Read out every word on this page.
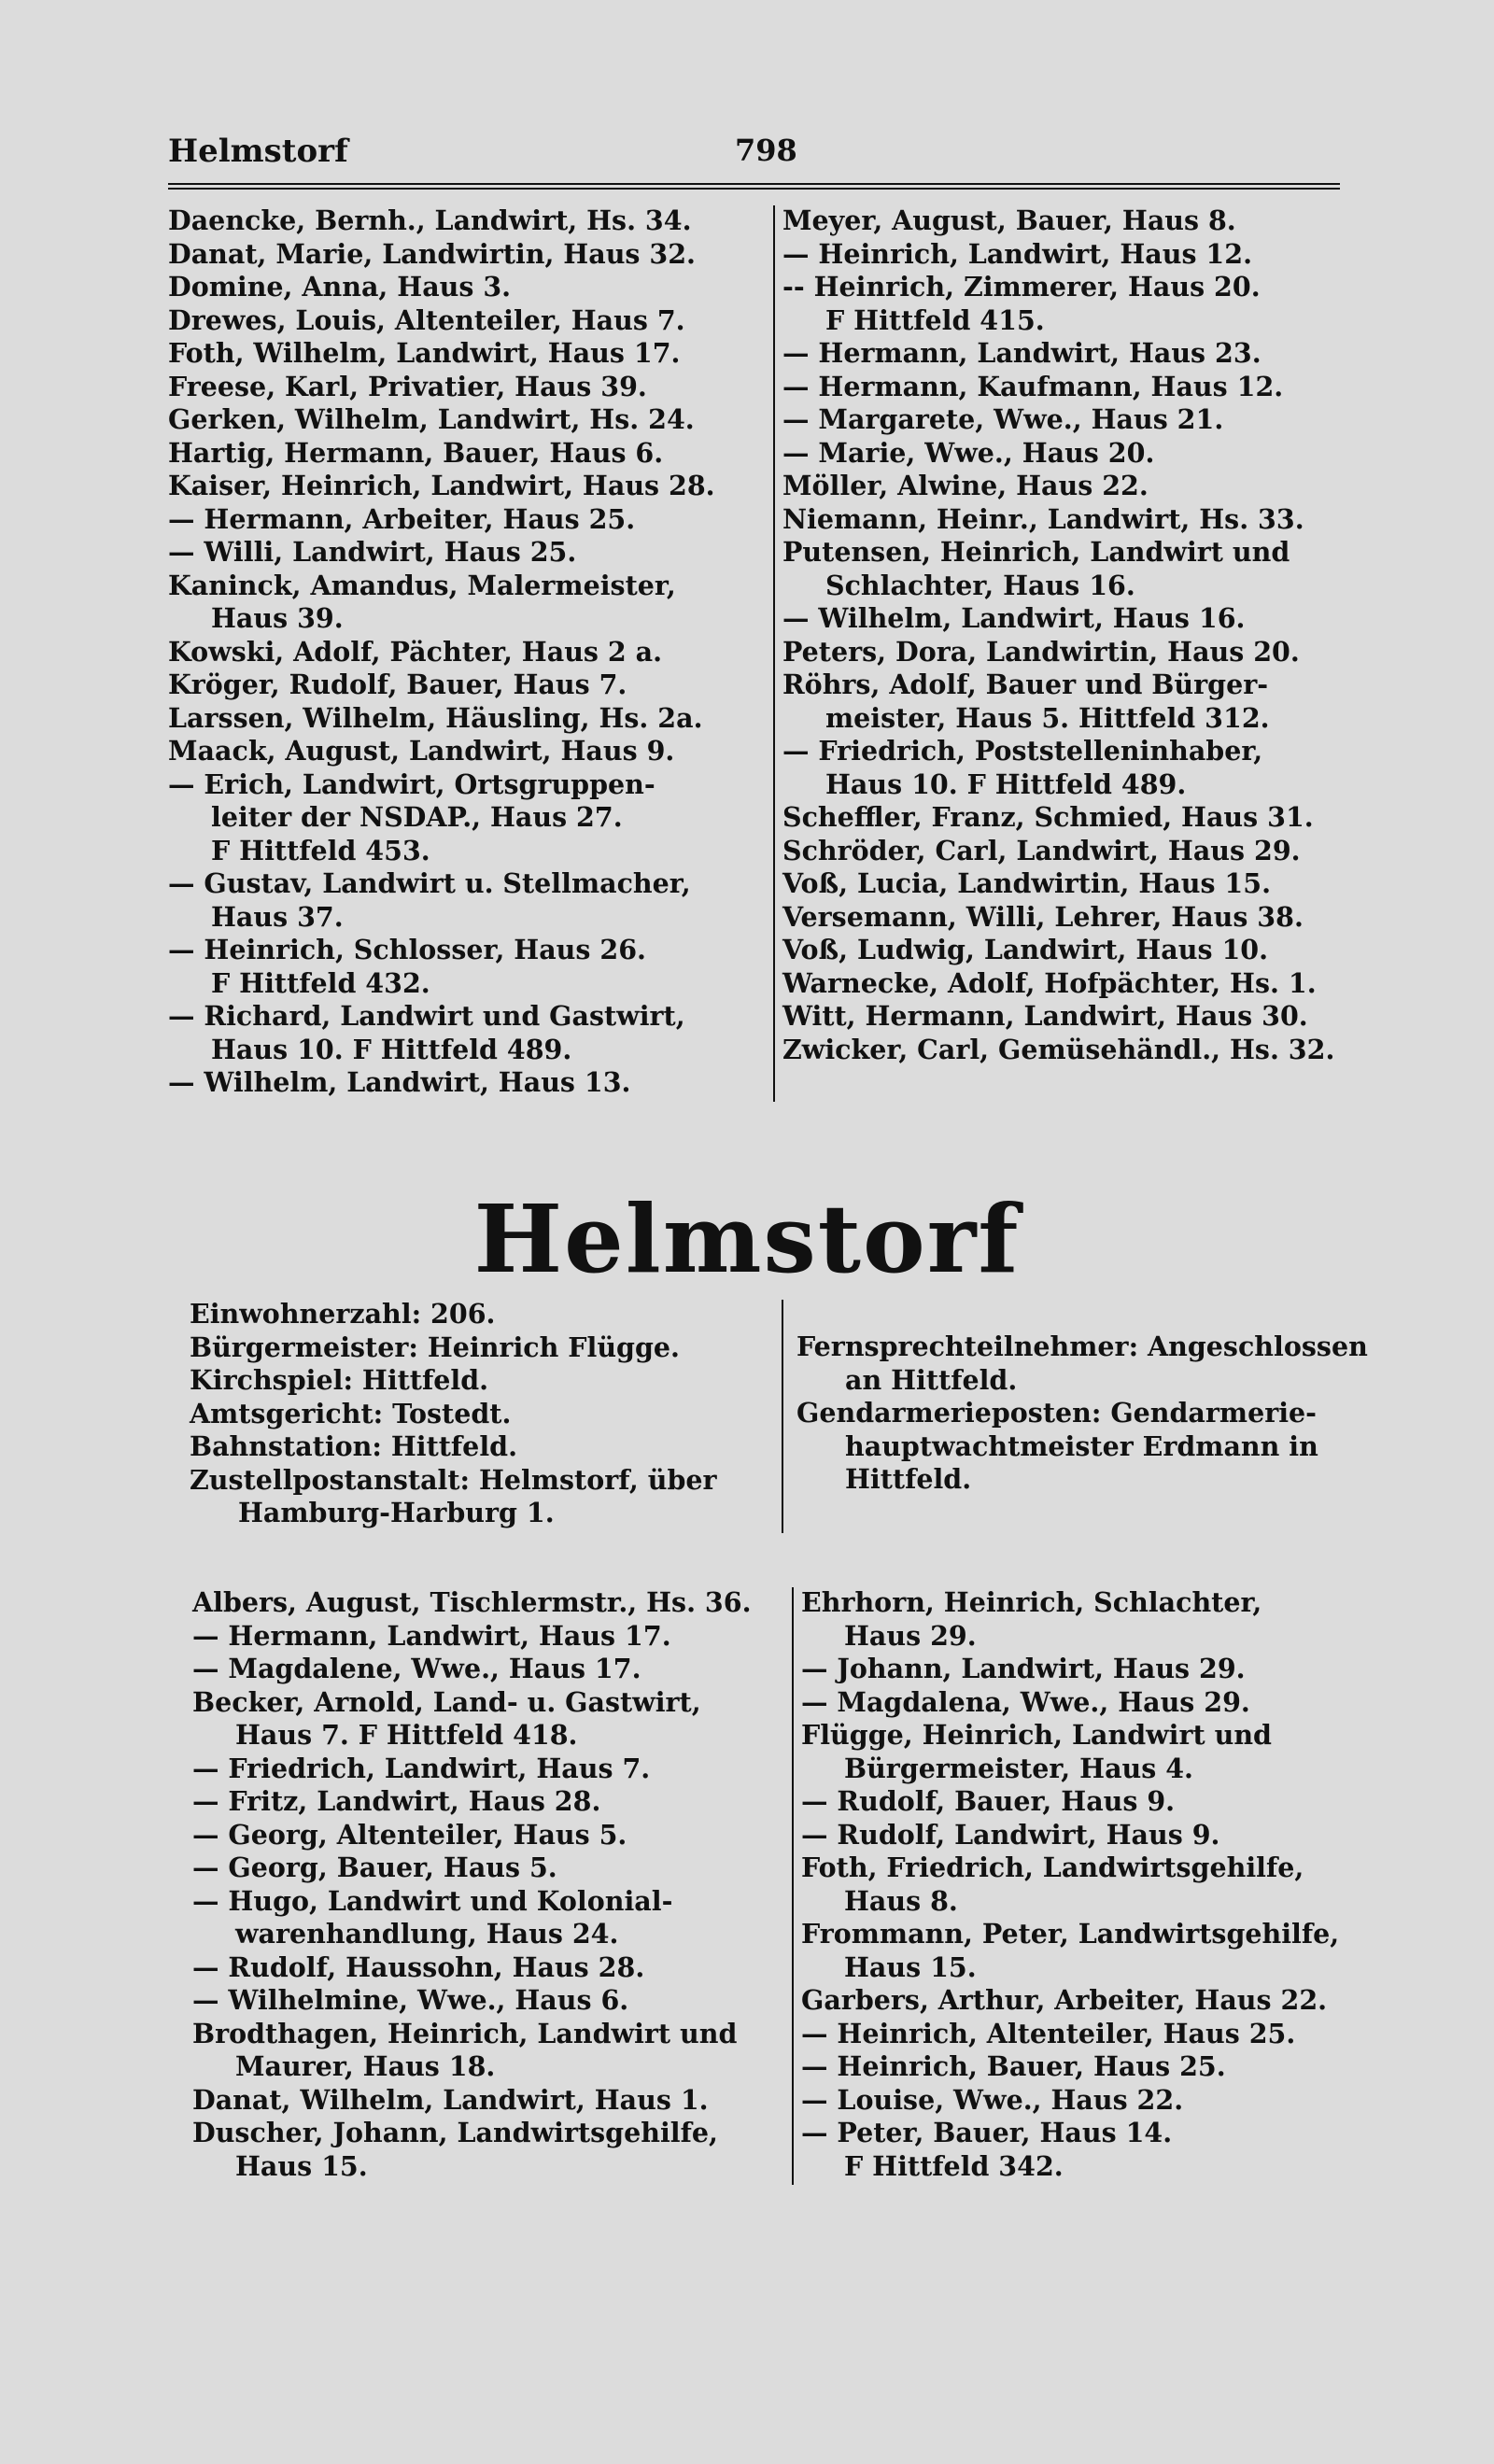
Helmstorf	798
Daencke, Bernh., Landwirt, Hs. 34.
Danat, Marie, Landwirtin, Haus 32.
Domine, Anna, Haus 3.
Drewes, Louis, Altenteiler, Haus 7.
Foth, Wilhelm, Landwirt, Haus 17.
Freese, Karl, Privatier, Haus 39.
Gerken, Wilhelm, Landwirt, Hs. 24.
Hartig, Hermann, Bauer, Haus 6.
Kaiser, Heinrich, Landwirt, Haus 28.
— Hermann, Arbeiter, Haus 25.
— Willi, Landwirt, Haus 25.
Kaninck, Amandus, Malermeister,
Haus 39.
Kowski, Adolf, Pächter, Haus 2 a.
Kröger, Rudolf, Bauer, Haus 7.
Larssen, Wilhelm, Häusling, Hs. 2a.
Maack, August, Landwirt, Haus 9.
— Erich, Landwirt, Ortsgruppen-
leiter der NSDAP., Haus 27.
F Hittfeld 453.
— Gustav, Landwirt u. Stellmacher,
Haus 37.
— Heinrich, Schlosser, Haus 26.
F Hittfeld 432.
— Richard, Landwirt und Gastwirt,
Haus 10. F Hittfeld 489.
— Wilhelm, Landwirt, Haus 13.
Meyer, August, Bauer, Haus 8.
— Heinrich, Landwirt, Haus 12.
-- Heinrich, Zimmerer, Haus 20.
F Hittfeld 415.
— Hermann, Landwirt, Haus 23.
— Hermann, Kaufmann, Haus 12.
— Margarete, Wwe., Haus 21.
— Marie, Wwe., Haus 20.
Möller, Alwine, Haus 22.
Niemann, Heinr., Landwirt, Hs. 33.
Putensen, Heinrich, Landwirt und
Schlachter, Haus 16.
— Wilhelm, Landwirt, Haus 16.
Peters, Dora, Landwirtin, Haus 20.
Röhrs, Adolf, Bauer und Bürger-
meister, Haus 5. Hittfeld 312.
— Friedrich, Poststelleninhaber,
Haus 10. F Hittfeld 489.
Scheffler, Franz, Schmied, Haus 31.
Schröder, Carl, Landwirt, Haus 29.
Voß, Lucia, Landwirtin, Haus 15.
Versemann, Willi, Lehrer, Haus 38.
Voß, Ludwig, Landwirt, Haus 10.
Warnecke, Adolf, Hofpächter, Hs. 1.
Witt, Hermann, Landwirt, Haus 30.
Zwicker, Carl, Gemüsehändl., Hs. 32.
Helmstorf
Einwohnerzahl: 206.
Bürgermeister: Heinrich Flügge.
Kirchspiel: Hittfeld.
Amtsgericht: Tostedt.
Bahnstation: Hittfeld.
Zustellpostanstalt: Helmstorf, über
Hamburg-Harburg 1.
Fernsprechteilnehmer: Angeschlossen
an Hittfeld.
Gendarmerieposten: Gendarmerie-
hauptwachtmeister Erdmann in
Hittfeld.
Albers, August, Tischlermstr., Hs. 36.
— Hermann, Landwirt, Haus 17.
— Magdalene, Wwe., Haus 17.
Becker, Arnold, Land- u. Gastwirt,
Haus 7. F Hittfeld 418.
— Friedrich, Landwirt, Haus 7.
— Fritz, Landwirt, Haus 28.
— Georg, Altenteiler, Haus 5.
— Georg, Bauer, Haus 5.
— Hugo, Landwirt und Kolonial-
warenhandlung, Haus 24.
— Rudolf, Haussohn, Haus 28.
— Wilhelmine, Wwe., Haus 6.
Brodthagen, Heinrich, Landwirt und
Maurer, Haus 18.
Danat, Wilhelm, Landwirt, Haus 1.
Duscher, Johann, Landwirtsgehilfe,
Haus 15.
Ehrhorn, Heinrich, Schlachter,
Haus 29.
— Johann, Landwirt, Haus 29.
— Magdalena, Wwe., Haus 29.
Flügge, Heinrich, Landwirt und
Bürgermeister, Haus 4.
— Rudolf, Bauer, Haus 9.
— Rudolf, Landwirt, Haus 9.
Foth, Friedrich, Landwirtsgehilfe,
Haus 8.
Frommann, Peter, Landwirtsgehilfe,
Haus 15.
Garbers, Arthur, Arbeiter, Haus 22.
— Heinrich, Altenteiler, Haus 25.
— Heinrich, Bauer, Haus 25.
— Louise, Wwe., Haus 22.
— Peter, Bauer, Haus 14.
F Hittfeld 342.
